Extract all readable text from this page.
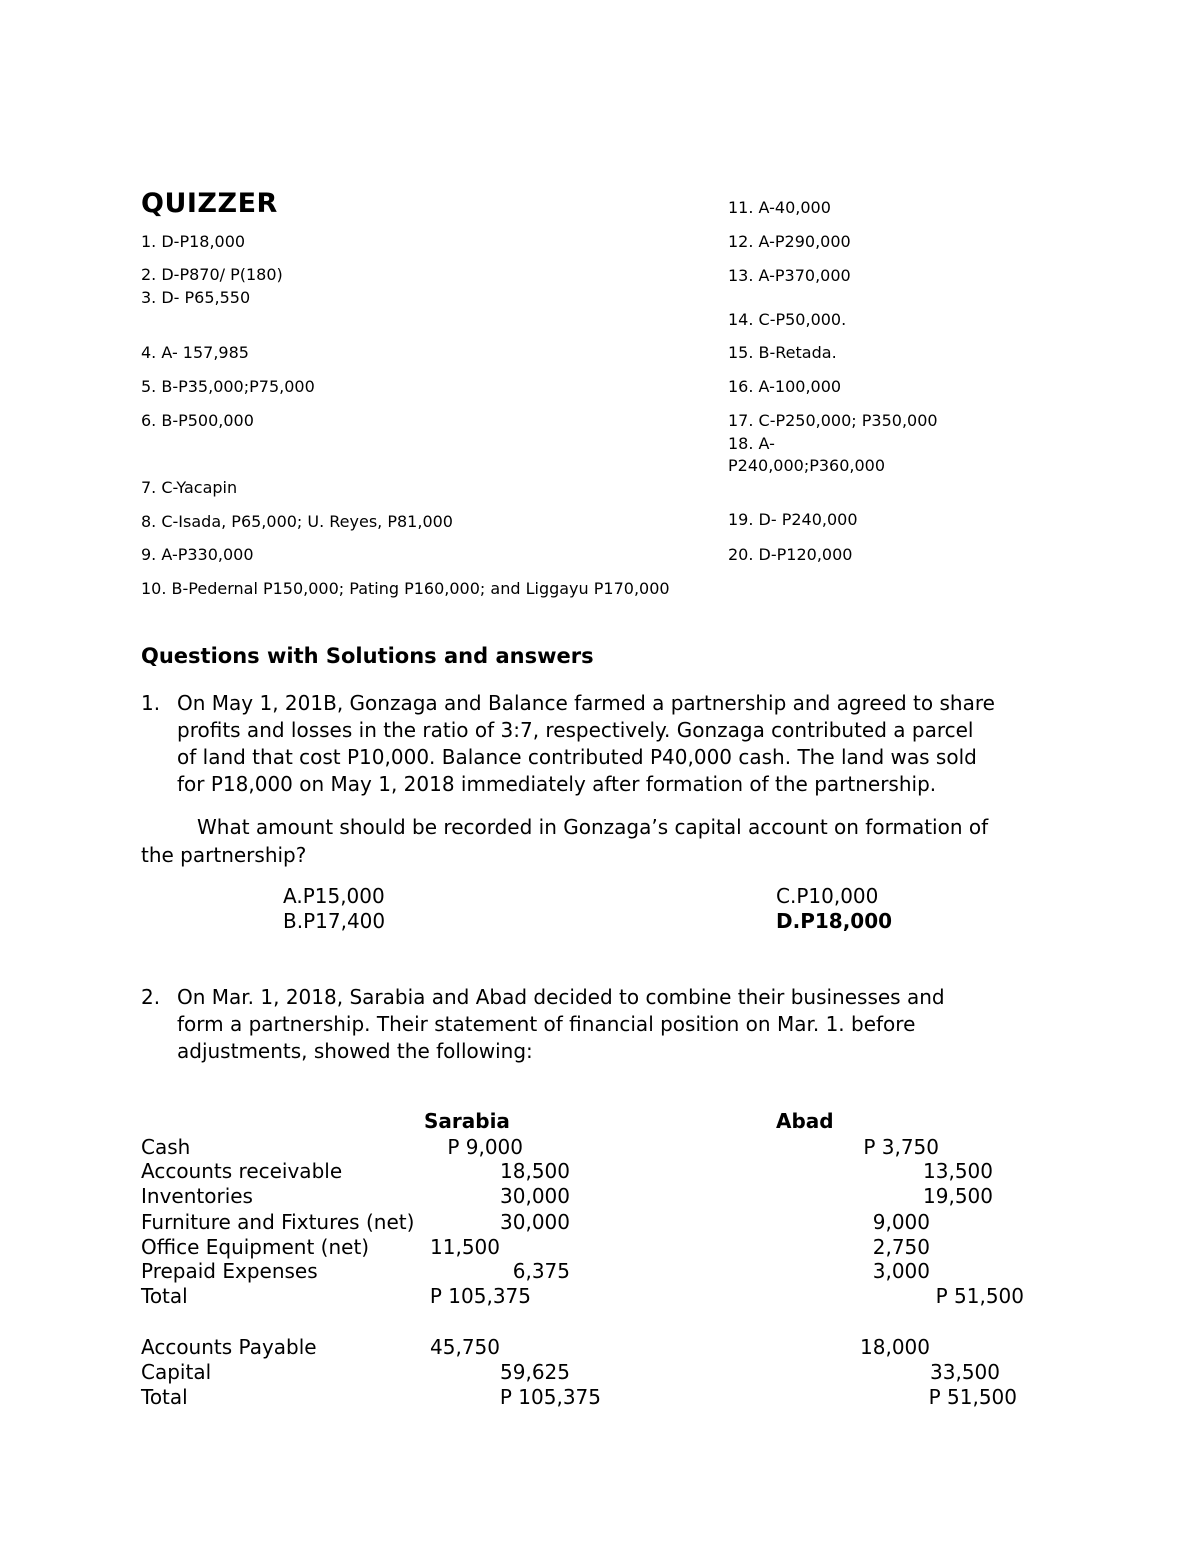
QUIZZER
1. D-P18,000
2. D-P870/ P(180)
3. D- P65,550
4. A- 157,985
5. B-P35,000;P75,000
6. B-P500,000
7. C-Yacapin
8. C-Isada, P65,000; U. Reyes, P81,000
9. A-P330,000
10. B-Pedernal P150,000; Pating P160,000; and Liggayu P170,000
11. A-40,000
12. A-P290,000
13. A-P370,000
14. C-P50,000.
15. B-Retada.
16. A-100,000
17. C-P250,000; P350,000
18. A-
P240,000;P360,000
19. D- P240,000
20. D-P120,000
Questions with Solutions and answers
1. On May 1, 201B, Gonzaga and Balance farmed a partnership and agreed to share
profits and losses in the ratio of 3:7, respectively. Gonzaga contributed a parcel
of land that cost P10,000. Balance contributed P40,000 cash. The land was sold
for P18,000 on May 1, 2018 immediately after formation of the partnership.
What amount should be recorded in Gonzaga’s capital account on formation of
the partnership?
A.P15,000
B.P17,400
C.P10,000
D.P18,000
2. On Mar. 1, 2018, Sarabia and Abad decided to combine their businesses and
form a partnership. Their statement of financial position on Mar. 1. before
adjustments, showed the following:
Sarabia	Abad
Cash	P 9,000	P 3,750
Accounts receivable	18,500	13,500
Inventories	30,000	19,500
Furniture and Fixtures (net)	30,000	9,000
Office Equipment (net)	11,500	2,750
Prepaid Expenses	6,375	3,000
Total	P 105,375	P 51,500
Accounts Payable	45,750	18,000
Capital	59,625	33,500
Total	P 105,375	P 51,500
